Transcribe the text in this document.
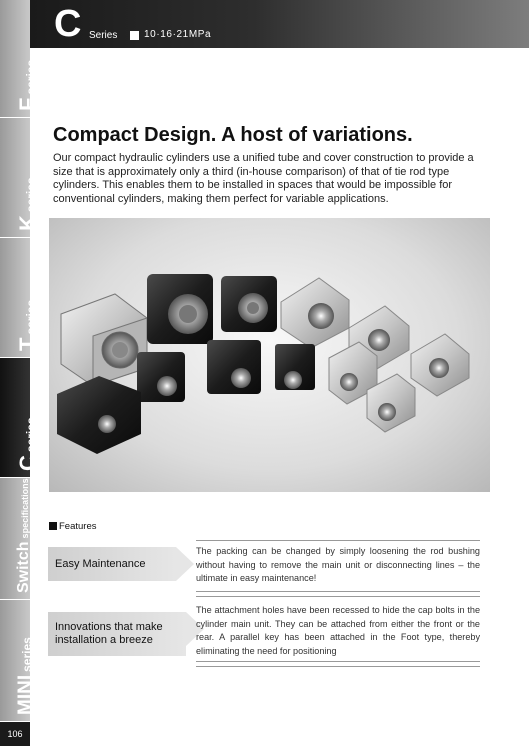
Fseries
Kseries
Tseries
Cseries
Switchspecifications
MINIseries
106
C Series	10·16·21MPa
Compact Design. A host of variations.
Our compact hydraulic cylinders use a unified tube and cover construction to provide a size that is approximately only a third (in-house comparison) of that of tie rod type cylinders. This enables them to be installed in spaces that would be impossible for conventional cylinders, making them perfect for variable applications.
Features
Easy Maintenance
The packing can be changed by simply loosening the rod bushing without having to remove the main unit or disconnecting lines – the ultimate in easy maintenance!
Innovations that make installation a breeze
The attachment holes have been recessed to hide the cap bolts in the cylinder main unit. They can be attached from either the front or the rear. A parallel key has been attached in the Foot type, thereby eliminating the need for positioning
